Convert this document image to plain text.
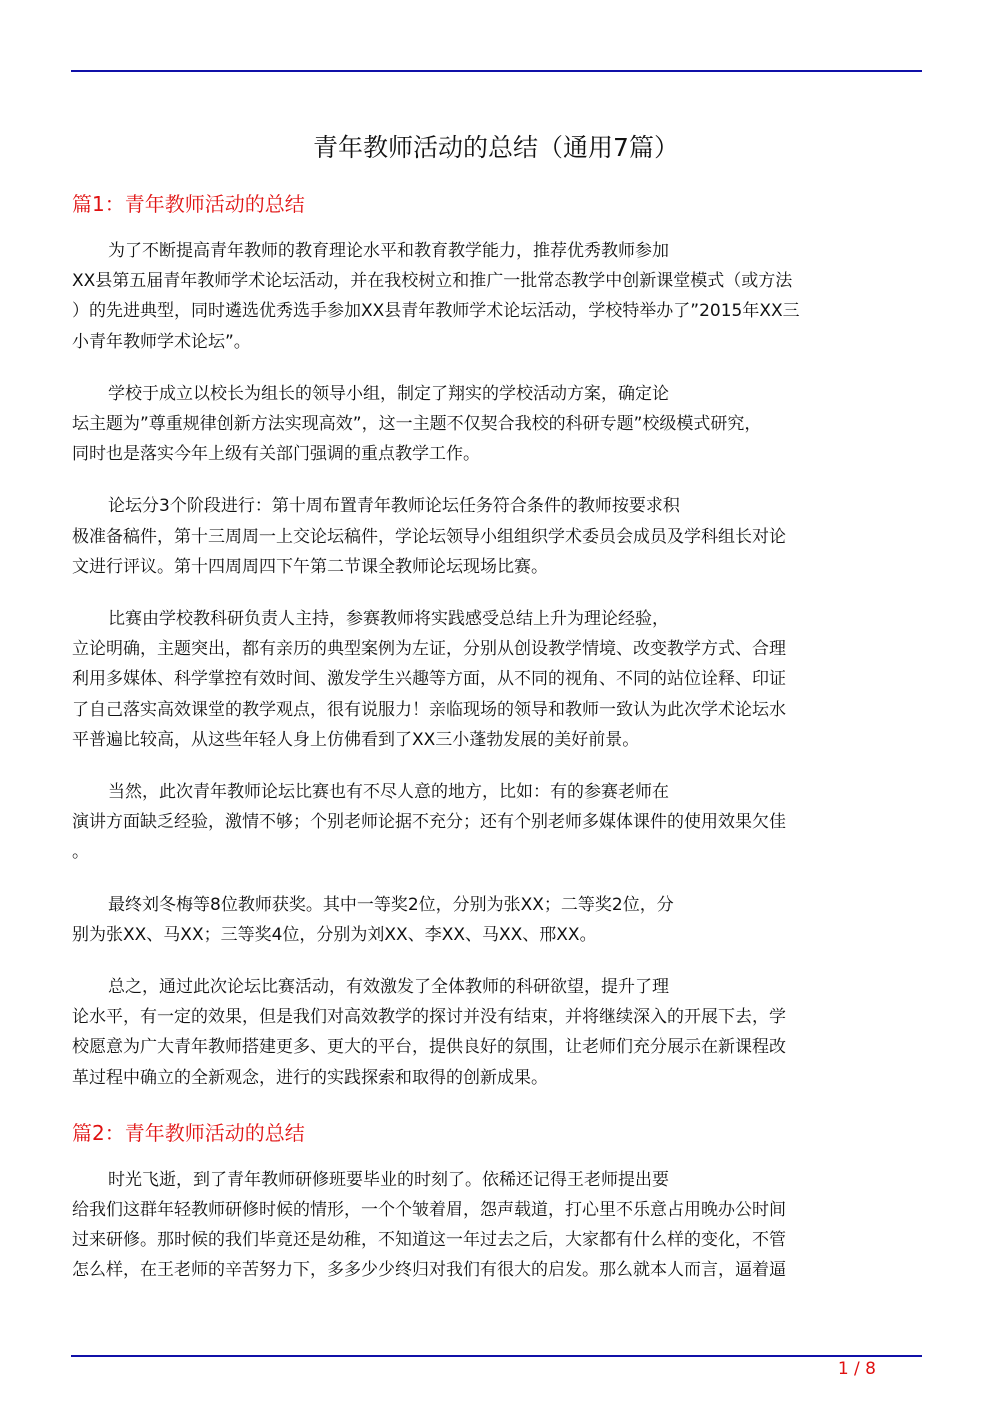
青年教师活动的总结（通用7篇）
篇1：青年教师活动的总结
为了不断提高青年教师的教育理论水平和教育教学能力，推荐优秀教师参加
XX县第五届青年教师学术论坛活动，并在我校树立和推广一批常态教学中创新课堂模式（或方法
）的先进典型，同时遴选优秀选手参加XX县青年教师学术论坛活动，学校特举办了”2015年XX三
小青年教师学术论坛”。
学校于成立以校长为组长的领导小组，制定了翔实的学校活动方案，确定论
坛主题为”尊重规律创新方法实现高效”，这一主题不仅契合我校的科研专题”校级模式研究，
同时也是落实今年上级有关部门强调的重点教学工作。
论坛分3个阶段进行：第十周布置青年教师论坛任务符合条件的教师按要求积
极准备稿件，第十三周周一上交论坛稿件，学论坛领导小组组织学术委员会成员及学科组长对论
文进行评议。第十四周周四下午第二节课全教师论坛现场比赛。
比赛由学校教科研负责人主持，参赛教师将实践感受总结上升为理论经验，
立论明确，主题突出，都有亲历的典型案例为左证，分别从创设教学情境、改变教学方式、合理
利用多媒体、科学掌控有效时间、激发学生兴趣等方面，从不同的视角、不同的站位诠释、印证
了自己落实高效课堂的教学观点，很有说服力！亲临现场的领导和教师一致认为此次学术论坛水
平普遍比较高，从这些年轻人身上仿佛看到了XX三小蓬勃发展的美好前景。
当然，此次青年教师论坛比赛也有不尽人意的地方，比如：有的参赛老师在
演讲方面缺乏经验，激情不够；个别老师论据不充分；还有个别老师多媒体课件的使用效果欠佳
。
最终刘冬梅等8位教师获奖。其中一等奖2位，分别为张XX；二等奖2位，分
别为张XX、马XX；三等奖4位，分别为刘XX、李XX、马XX、邢XX。
总之，通过此次论坛比赛活动，有效激发了全体教师的科研欲望，提升了理
论水平，有一定的效果，但是我们对高效教学的探讨并没有结束，并将继续深入的开展下去，学
校愿意为广大青年教师搭建更多、更大的平台，提供良好的氛围，让老师们充分展示在新课程改
革过程中确立的全新观念，进行的实践探索和取得的创新成果。
篇2：青年教师活动的总结
时光飞逝，到了青年教师研修班要毕业的时刻了。依稀还记得王老师提出要
给我们这群年轻教师研修时候的情形，一个个皱着眉，怨声载道，打心里不乐意占用晚办公时间
过来研修。那时候的我们毕竟还是幼稚，不知道这一年过去之后，大家都有什么样的变化，不管
怎么样，在王老师的辛苦努力下，多多少少终归对我们有很大的启发。那么就本人而言，逼着逼
1 / 8
